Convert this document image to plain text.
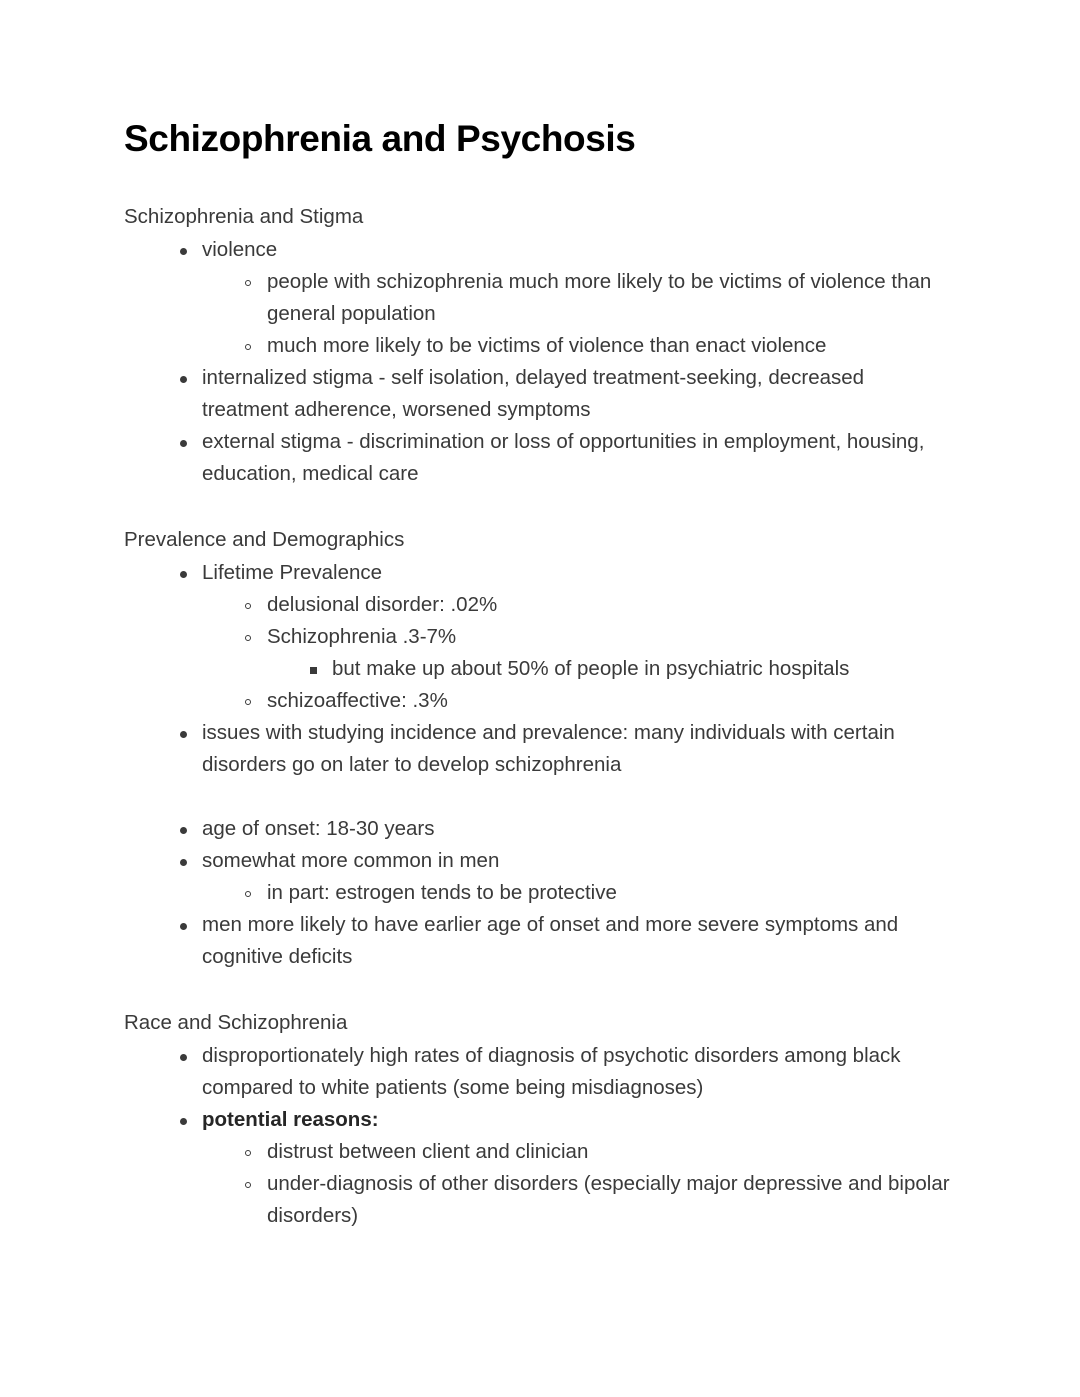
Schizophrenia and Psychosis
Schizophrenia and Stigma
violence
people with schizophrenia much more likely to be victims of violence than general population
much more likely to be victims of violence than enact violence
internalized stigma - self isolation, delayed treatment-seeking, decreased treatment adherence, worsened symptoms
external stigma - discrimination or loss of opportunities in employment, housing, education, medical care
Prevalence and Demographics
Lifetime Prevalence
delusional disorder: .02%
Schizophrenia .3-7%
but make up about 50% of people in psychiatric hospitals
schizoaffective: .3%
issues with studying incidence and prevalence: many individuals with certain disorders go on later to develop schizophrenia
age of onset: 18-30 years
somewhat more common in men
in part: estrogen tends to be protective
men more likely to have earlier age of onset and more severe symptoms and cognitive deficits
Race and Schizophrenia
disproportionately high rates of diagnosis of psychotic disorders among black compared to white patients (some being misdiagnoses)
potential reasons:
distrust between client and clinician
under-diagnosis of other disorders (especially major depressive and bipolar disorders)
